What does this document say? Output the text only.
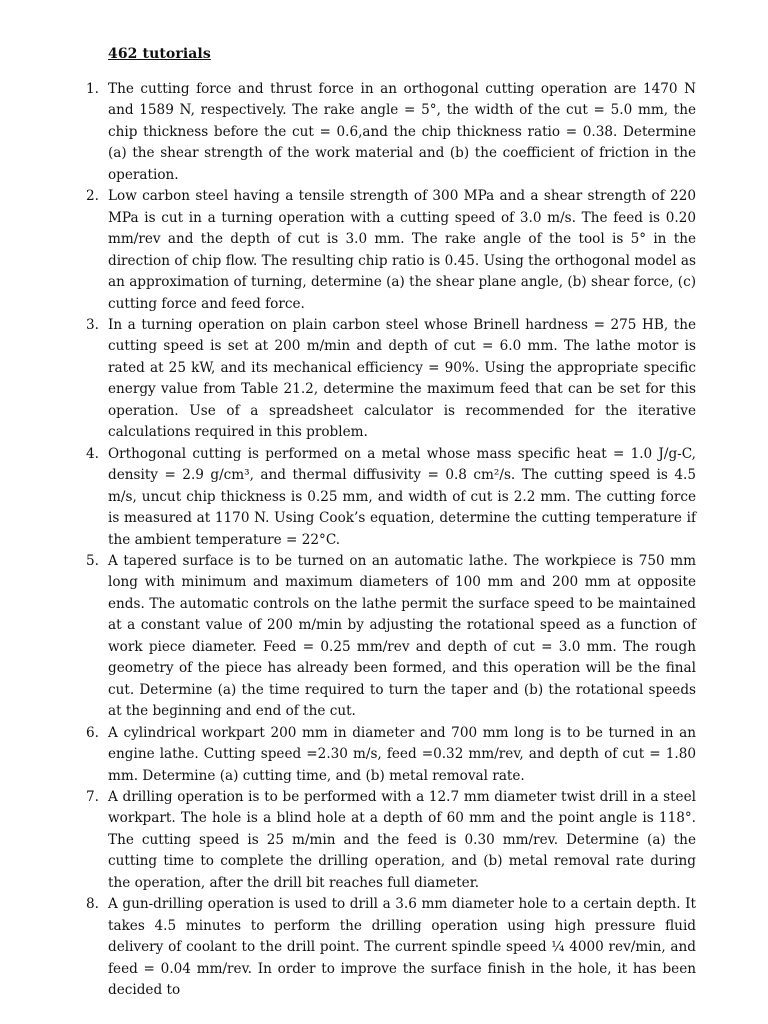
462 tutorials
1. The cutting force and thrust force in an orthogonal cutting operation are 1470 N and 1589 N, respectively. The rake angle = 5°, the width of the cut = 5.0 mm, the chip thickness before the cut = 0.6,and the chip thickness ratio = 0.38. Determine (a) the shear strength of the work material and (b) the coefficient of friction in the operation.
2. Low carbon steel having a tensile strength of 300 MPa and a shear strength of 220 MPa is cut in a turning operation with a cutting speed of 3.0 m/s. The feed is 0.20 mm/rev and the depth of cut is 3.0 mm. The rake angle of the tool is 5° in the direction of chip flow. The resulting chip ratio is 0.45. Using the orthogonal model as an approximation of turning, determine (a) the shear plane angle, (b) shear force, (c) cutting force and feed force.
3. In a turning operation on plain carbon steel whose Brinell hardness = 275 HB, the cutting speed is set at 200 m/min and depth of cut = 6.0 mm. The lathe motor is rated at 25 kW, and its mechanical efficiency = 90%. Using the appropriate specific energy value from Table 21.2, determine the maximum feed that can be set for this operation. Use of a spreadsheet calculator is recommended for the iterative calculations required in this problem.
4. Orthogonal cutting is performed on a metal whose mass specific heat = 1.0 J/g-C, density = 2.9 g/cm³, and thermal diffusivity = 0.8 cm²/s. The cutting speed is 4.5 m/s, uncut chip thickness is 0.25 mm, and width of cut is 2.2 mm. The cutting force is measured at 1170 N. Using Cook’s equation, determine the cutting temperature if the ambient temperature = 22°C.
5. A tapered surface is to be turned on an automatic lathe. The workpiece is 750 mm long with minimum and maximum diameters of 100 mm and 200 mm at opposite ends. The automatic controls on the lathe permit the surface speed to be maintained at a constant value of 200 m/min by adjusting the rotational speed as a function of work piece diameter. Feed = 0.25 mm/rev and depth of cut = 3.0 mm. The rough geometry of the piece has already been formed, and this operation will be the final cut. Determine (a) the time required to turn the taper and (b) the rotational speeds at the beginning and end of the cut.
6. A cylindrical workpart 200 mm in diameter and 700 mm long is to be turned in an engine lathe. Cutting speed =2.30 m/s, feed =0.32 mm/rev, and depth of cut = 1.80 mm. Determine (a) cutting time, and (b) metal removal rate.
7. A drilling operation is to be performed with a 12.7 mm diameter twist drill in a steel workpart. The hole is a blind hole at a depth of 60 mm and the point angle is 118°. The cutting speed is 25 m/min and the feed is 0.30 mm/rev. Determine (a) the cutting time to complete the drilling operation, and (b) metal removal rate during the operation, after the drill bit reaches full diameter.
8. A gun-drilling operation is used to drill a 3.6 mm diameter hole to a certain depth. It takes 4.5 minutes to perform the drilling operation using high pressure fluid delivery of coolant to the drill point. The current spindle speed ¼ 4000 rev/min, and feed = 0.04 mm/rev. In order to improve the surface finish in the hole, it has been decided to
